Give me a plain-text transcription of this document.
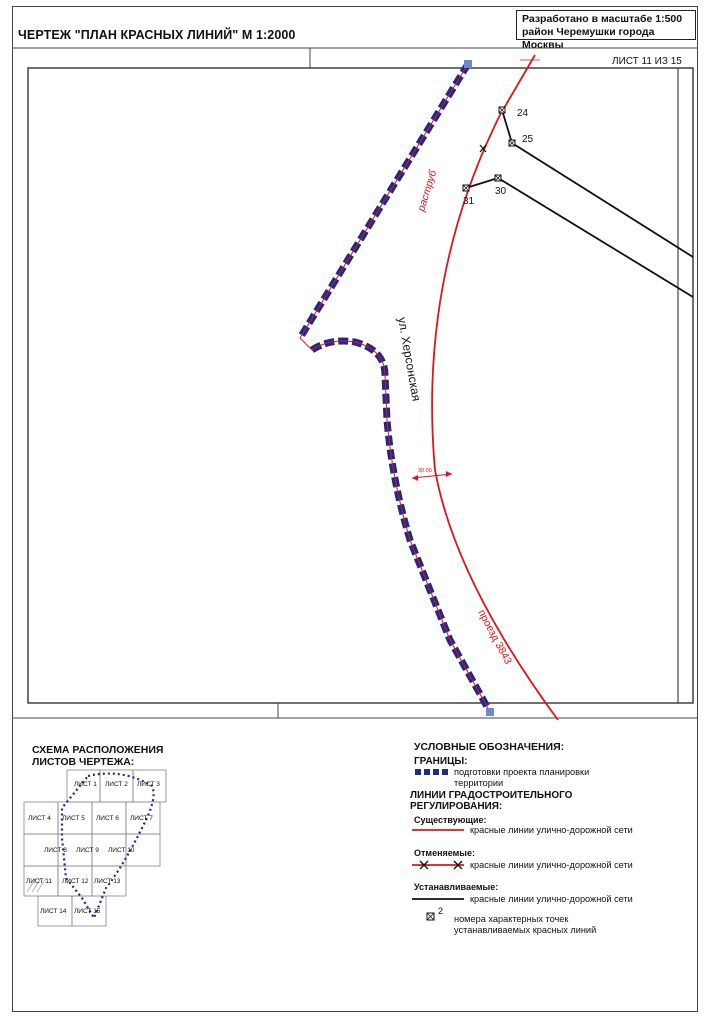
ЧЕРТЕЖ "ПЛАН КРАСНЫХ ЛИНИЙ" М 1:2000
Разработано в масштабе 1:500
район Черемушки города Москвы
ЛИСТ 11 ИЗ 15
24
25
30
31
30.00
ул. Херсонская
раструб
проезд 3843
СХЕМА РАСПОЛОЖЕНИЯ
ЛИСТОВ ЧЕРТЕЖА:
ЛИСТ 1 ЛИСТ 2 ЛИСТ 3
ЛИСТ 4 ЛИСТ 5 ЛИСТ 6 ЛИСТ 7
ЛИСТ 8 ЛИСТ 9 ЛИСТ 10
ЛИСТ 11 ЛИСТ 12 ЛИСТ 13
ЛИСТ 14 ЛИСТ 15
УСЛОВНЫЕ ОБОЗНАЧЕНИЯ:
ГРАНИЦЫ:
подготовки проекта планировки
территории
ЛИНИИ ГРАДОСТРОИТЕЛЬНОГО
РЕГУЛИРОВАНИЯ:
Существующие:
красные линии улично-дорожной сети
Отменяемые:
красные линии улично-дорожной сети
Устанавливаемые:
красные линии улично-дорожной сети
2
номера характерных точек
устанавливаемых красных линий
